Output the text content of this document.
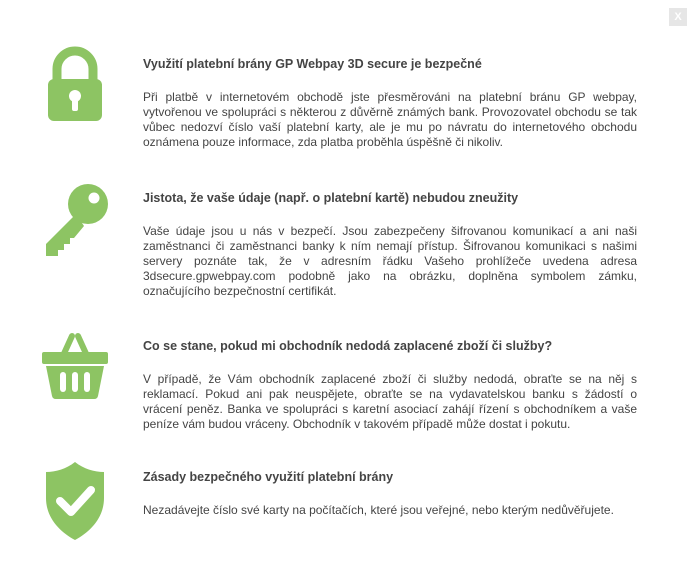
X

Využití platební brány GP Webpay 3D secure je bezpečné

Při platbě v internetovém obchodě jste přesměrováni na platební bránu GP webpay, vytvořenou ve spolupráci s některou z důvěrně známých bank. Provozovatel obchodu se tak vůbec nedozví číslo vaší platební karty, ale je mu po návratu do internetového obchodu oznámena pouze informace, zda platba proběhla úspěšně či nikoliv.

Jistota, že vaše údaje (např. o platební kartě) nebudou zneužity

Vaše údaje jsou u nás v bezpečí. Jsou zabezpečeny šifrovanou komunikací a ani naši zaměstnanci či zaměstnanci banky k ním nemají přístup. Šifrovanou komunikaci s našimi servery poznáte tak, že v adresním řádku Vašeho prohlížeče uvedena adresa 3dsecure.gpwebpay.com podobně jako na obrázku, doplněna symbolem zámku, označujícího bezpečnostní certifikát.

Co se stane, pokud mi obchodník nedodá zaplacené zboží či služby?

V případě, že Vám obchodník zaplacené zboží či služby nedodá, obraťte se na něj s reklamací. Pokud ani pak neuspějete, obraťte se na vydavatelskou banku s žádostí o vrácení peněz. Banka ve spolupráci s karetní asociací zahájí řízení s obchodníkem a vaše peníze vám budou vráceny. Obchodník v takovém případě může dostat i pokutu.

Zásady bezpečného využití platební brány

Nezadávejte číslo své karty na počítačích, které jsou veřejné, nebo kterým nedůvěřujete.
